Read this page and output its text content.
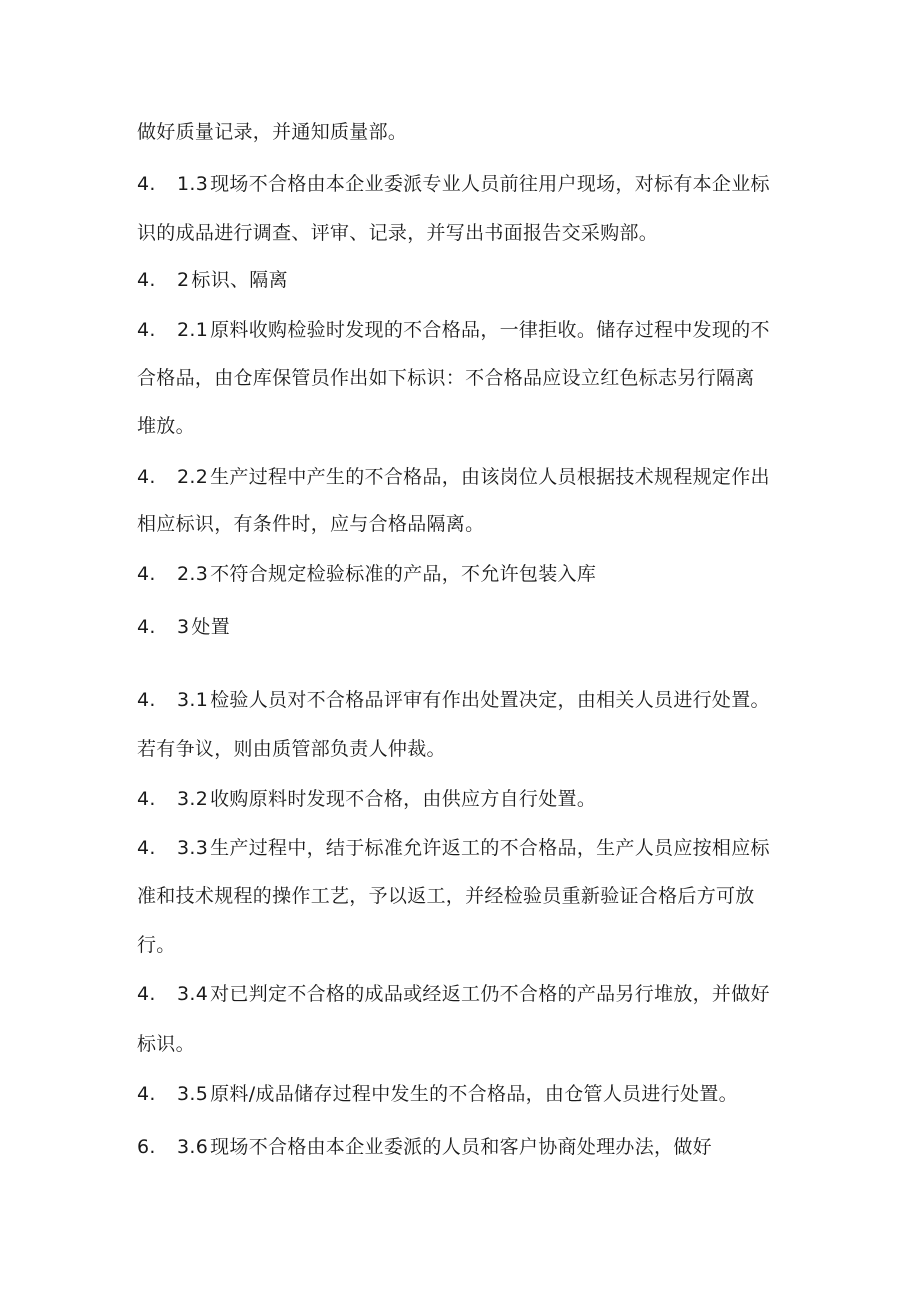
做好质量记录，并通知质量部。
4. 1.3 现场不合格由本企业委派专业人员前往用户现场，对标有本企业标
识的成品进行调查、评审、记录，并写出书面报告交采购部。
4. 2 标识、隔离
4. 2.1 原料收购检验时发现的不合格品，一律拒收。储存过程中发现的不
合格品，由仓库保管员作出如下标识：不合格品应设立红色标志另行隔离
堆放。
4. 2.2 生产过程中产生的不合格品，由该岗位人员根据技术规程规定作出
相应标识，有条件时，应与合格品隔离。
4. 2.3 不符合规定检验标准的产品，不允许包装入库
4. 3 处置
4. 3.1 检验人员对不合格品评审有作出处置决定，由相关人员进行处置。
若有争议，则由质管部负责人仲裁。
4. 3.2 收购原料时发现不合格，由供应方自行处置。
4. 3.3 生产过程中，结于标准允许返工的不合格品，生产人员应按相应标
准和技术规程的操作工艺，予以返工，并经检验员重新验证合格后方可放
行。
4. 3.4 对已判定不合格的成品或经返工仍不合格的产品另行堆放，并做好
标识。
4. 3.5 原料/成品储存过程中发生的不合格品，由仓管人员进行处置。
6. 3.6 现场不合格由本企业委派的人员和客户协商处理办法，做好
